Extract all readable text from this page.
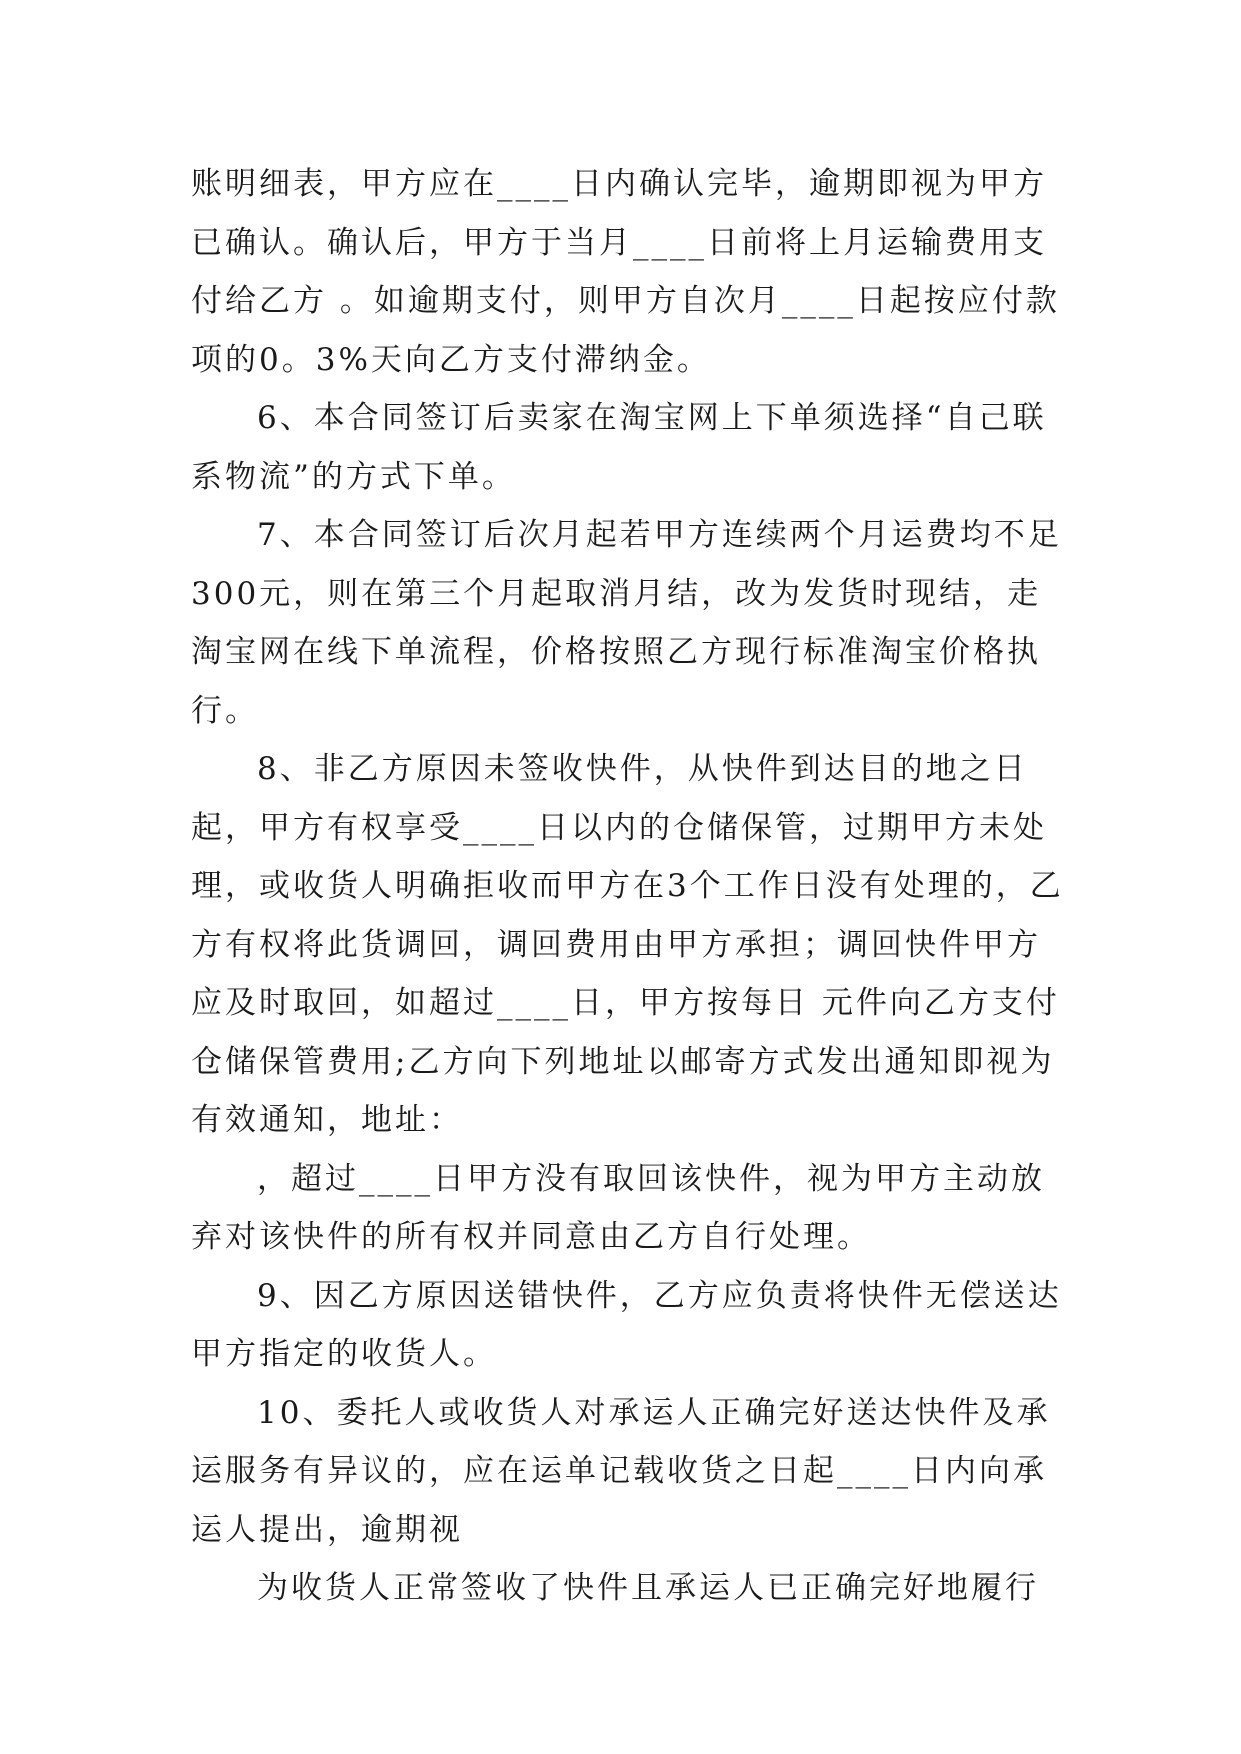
账明细表，甲方应在____日内确认完毕，逾期即视为甲方已确认。确认后，甲方于当月____日前将上月运输费用支付给乙方 。如逾期支付，则甲方自次月____日起按应付款项的0。3%天向乙方支付滞纳金。

6、本合同签订后卖家在淘宝网上下单须选择“自己联系物流”的方式下单。

7、本合同签订后次月起若甲方连续两个月运费均不足300元，则在第三个月起取消月结，改为发货时现结，走淘宝网在线下单流程，价格按照乙方现行标准淘宝价格执行。

8、非乙方原因未签收快件，从快件到达目的地之日起，甲方有权享受____日以内的仓储保管，过期甲方未处理，或收货人明确拒收而甲方在3个工作日没有处理的，乙方有权将此货调回，调回费用由甲方承担；调回快件甲方应及时取回，如超过____日，甲方按每日 元件向乙方支付仓储保管费用;乙方向下列地址以邮寄方式发出通知即视为有效通知，地址：

，超过____日甲方没有取回该快件，视为甲方主动放弃对该快件的所有权并同意由乙方自行处理。

9、因乙方原因送错快件，乙方应负责将快件无偿送达甲方指定的收货人。

10、委托人或收货人对承运人正确完好送达快件及承运服务有异议的，应在运单记载收货之日起____日内向承运人提出，逾期视

为收货人正常签收了快件且承运人已正确完好地履行
